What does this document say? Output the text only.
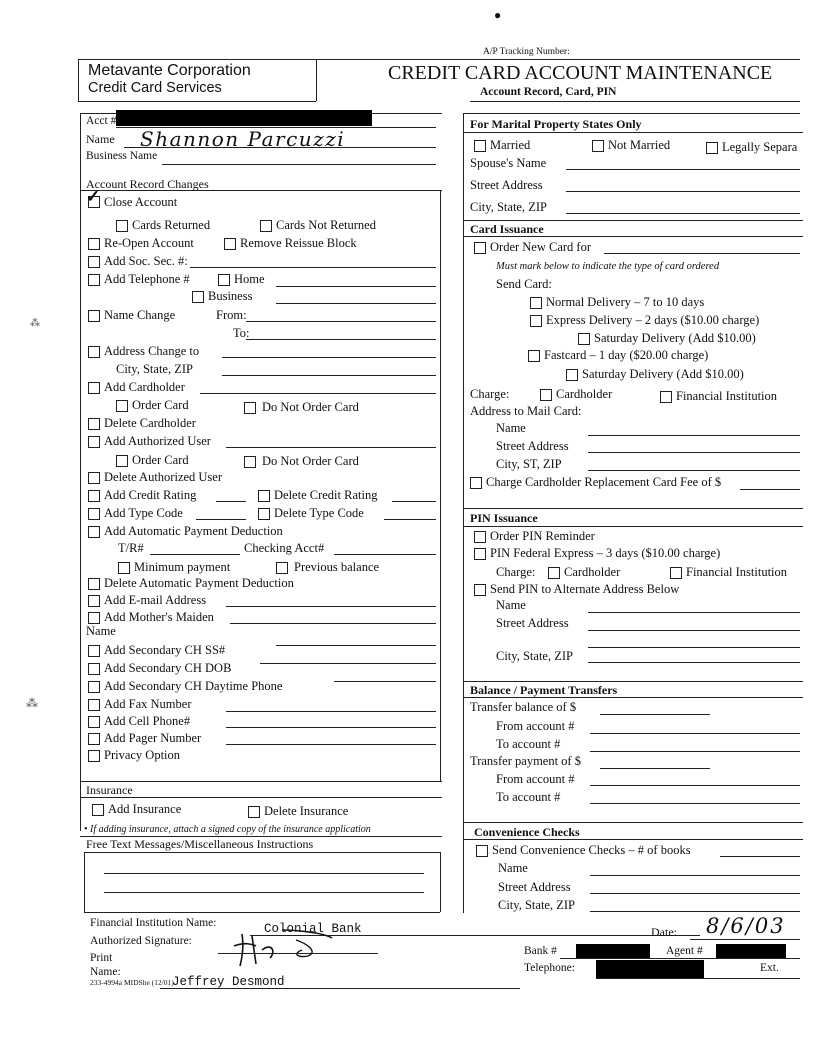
●
A/P Tracking Number:
Metavante Corporation
Credit Card Services
CREDIT CARD ACCOUNT MAINTENANCE
Account Record, Card, PIN
Acct #
Name Shannon Parcuzzi
Business Name
Account Record Changes
✓ Close Account
Cards Returned	Cards Not Returned
Re-Open Account	Remove Reissue Block
Add Soc. Sec. #:
Add Telephone #	Home
Business
Name Change	From:
To:
Address Change to
City, State, ZIP
Add Cardholder
Order Card	Do Not Order Card
Delete Cardholder
Add Authorized User
Order Card	Do Not Order Card
Delete Authorized User
Add Credit Rating	Delete Credit Rating
Add Type Code	Delete Type Code
Add Automatic Payment Deduction
T/R#	Checking Acct#
Minimum payment	Previous balance
Delete Automatic Payment Deduction
Add E-mail Address
Add Mother's Maiden
Name
Add Secondary CH SS#
Add Secondary CH DOB
Add Secondary CH Daytime Phone
Add Fax Number
Add Cell Phone#
Add Pager Number
Privacy Option
Insurance
Add Insurance	Delete Insurance
• If adding insurance, attach a signed copy of the insurance application
Free Text Messages/Miscellaneous Instructions
For Marital Property States Only
Married	Not Married	Legally Separa
Spouse's Name
Street Address
City, State, ZIP
Card Issuance
Order New Card for
Must mark below to indicate the type of card ordered
Send Card:
Normal Delivery – 7 to 10 days
Express Delivery – 2 days ($10.00 charge)
Saturday Delivery (Add $10.00)
Fastcard – 1 day ($20.00 charge)
Saturday Delivery (Add $10.00)
Charge:	Cardholder	Financial Institution
Address to Mail Card:
Name
Street Address
City, ST, ZIP
Charge Cardholder Replacement Card Fee of $
PIN Issuance
Order PIN Reminder
PIN Federal Express – 3 days ($10.00 charge)
Charge: Cardholder	Financial Institution
Send PIN to Alternate Address Below
Name
Street Address
City, State, ZIP
Balance / Payment Transfers
Transfer balance of $
From account #
To account #
Transfer payment of $
From account #
To account #
Convenience Checks
Send Convenience Checks – # of books
Name
Street Address
City, State, ZIP
Financial Institution Name:	Colonial Bank
Authorized Signature:
Print
Name:
Jeffrey Desmond
233-4994a MIDShe (12/01)
Date: 8/6/03
Bank #	Agent #
Telephone:	Ext.
⁂
⁂
